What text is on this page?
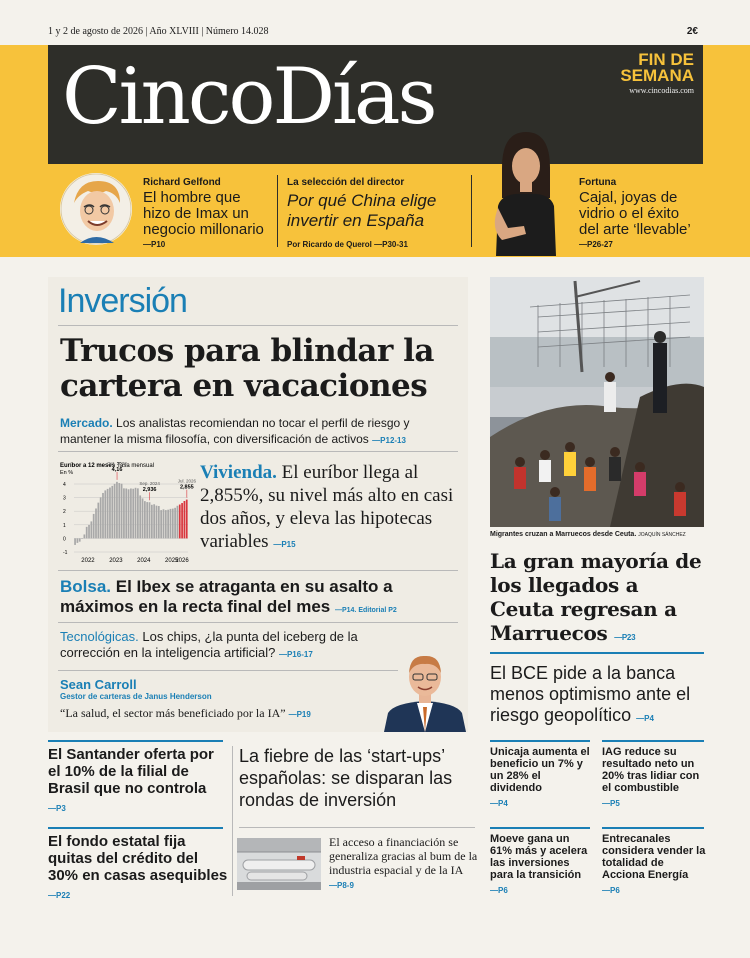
1 y 2 de agosto de 2026 | Año XLVIII | Número 14.028	2€
CincoDías	FIN DE
SEMANA
www.cincodias.com
Richard Gelfond
El hombre que hizo de Imax un negocio millonario
—P10
La selección del director
Por qué China elige invertir en España
Por Ricardo de Querol —P30-31
Fortuna
Cajal, joyas de vidrio o el éxito del arte ‘llevable’
—P26-27
Inversión
Trucos para blindar la cartera en vacaciones
Mercado. Los analistas recomiendan no tocar el perfil de riesgo y mantener la misma filosofía, con diversificación de activos —P12-13
Euríbor a 12 meses Tasa mensual
En %
4
3
2
1
0
-1
Oct. 2023
4,16
Sep. 2024
2,936
Jul. 2026
2,855
2022 2023 2024 2025
2026
Vivienda. El euríbor llega al 2,855%, su nivel más alto en casi dos años, y eleva las hipotecas variables —P15
Bolsa. El Ibex se atraganta en su asalto a máximos en la recta final del mes —P14. Editorial P2
Tecnológicas. Los chips, ¿la punta del iceberg de la corrección en la inteligencia artificial? —P16-17
Sean Carroll
Gestor de carteras de Janus Henderson
“La salud, el sector más beneficiado por la IA” —P19
Migrantes cruzan a Marruecos desde Ceuta. JOAQUÍN SÁNCHEZ
La gran mayoría de los llegados a Ceuta regresan a Marruecos —P23
El BCE pide a la banca menos optimismo ante el riesgo geopolítico —P4
El Santander oferta por el 10% de la filial de Brasil que no controla
—P3
El fondo estatal fija quitas del crédito del 30% en casas asequibles
—P22
La fiebre de las ‘start-ups’ españolas: se disparan las rondas de inversión
El acceso a financiación se generaliza gracias al bum de la industria espacial y de la IA —P8-9
Unicaja aumenta el beneficio un 7% y un 28% el dividendo
—P4
IAG reduce su resultado neto un 20% tras lidiar con el combustible
—P5
Moeve gana un 61% más y acelera las inversiones para la transición
—P6
Entrecanales considera vender la totalidad de Acciona Energía
—P6
